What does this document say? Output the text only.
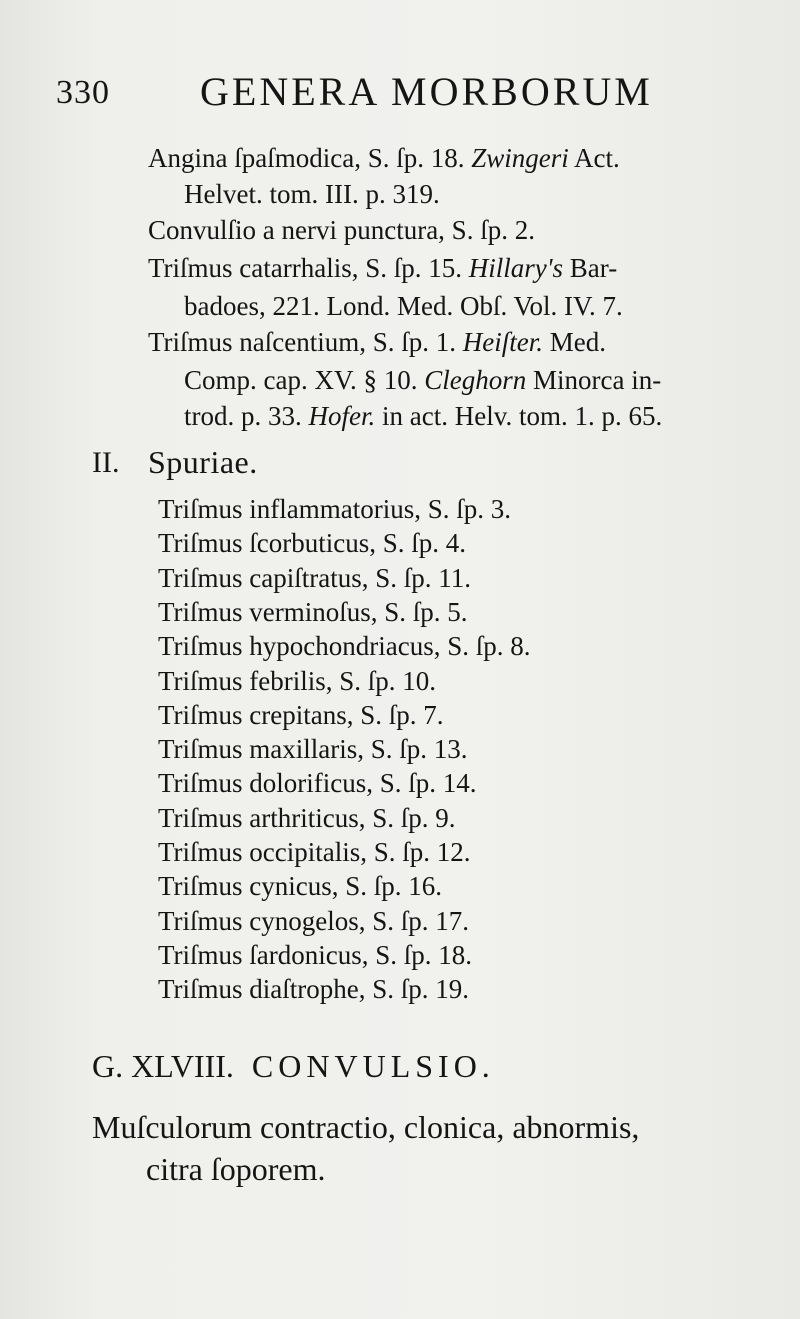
330 GENERA MORBORUM
Angina ſpaſmodica, S. ſp. 18. Zwingeri Act.
Helvet. tom. III. p. 319.
Convulſio a nervi punctura, S. ſp. 2.
Triſmus catarrhalis, S. ſp. 15. Hillary's Bar-
badoes, 221. Lond. Med. Obſ. Vol. IV. 7.
Triſmus naſcentium, S. ſp. 1. Heiſter. Med.
Comp. cap. XV. § 10. Cleghorn Minorca in-
trod. p. 33. Hofer. in act. Helv. tom. 1. p. 65.
II. Spuriae.
Triſmus inflammatorius, S. ſp. 3.
Triſmus ſcorbuticus, S. ſp. 4.
Triſmus capiſtratus, S. ſp. 11.
Triſmus verminoſus, S. ſp. 5.
Triſmus hypochondriacus, S. ſp. 8.
Triſmus febrilis, S. ſp. 10.
Triſmus crepitans, S. ſp. 7.
Triſmus maxillaris, S. ſp. 13.
Triſmus dolorificus, S. ſp. 14.
Triſmus arthriticus, S. ſp. 9.
Triſmus occipitalis, S. ſp. 12.
Triſmus cynicus, S. ſp. 16.
Triſmus cynogelos, S. ſp. 17.
Triſmus ſardonicus, S. ſp. 18.
Triſmus diaſtrophe, S. ſp. 19.
G. XLVIII. CONVULSIO.
Muſculorum contractio, clonica, abnormis,
citra ſoporem.
